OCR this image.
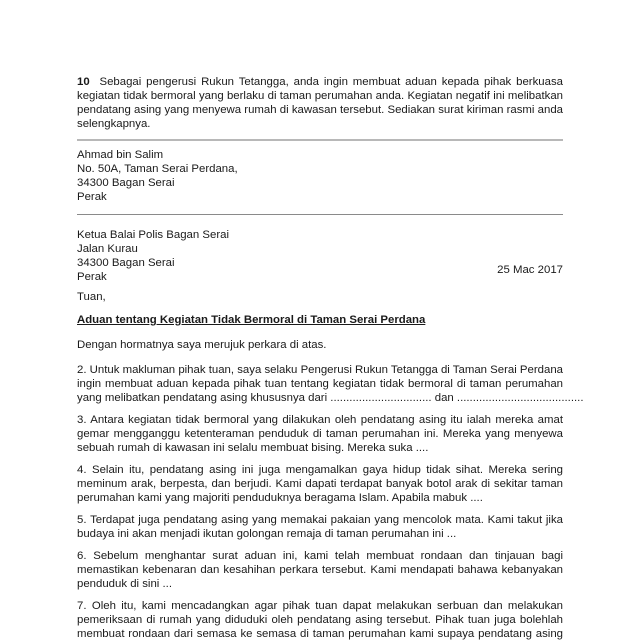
10 Sebagai pengerusi Rukun Tetangga, anda ingin membuat aduan kepada pihak berkuasa
kegiatan tidak bermoral yang berlaku di taman perumahan anda. Kegiatan negatif ini melibatkan
pendatang asing yang menyewa rumah di kawasan tersebut. Sediakan surat kiriman rasmi anda
selengkapnya.
Ahmad bin Salim
No. 50A, Taman Serai Perdana,
34300 Bagan Serai
Perak
Ketua Balai Polis Bagan Serai
Jalan Kurau
34300 Bagan Serai
Perak
25 Mac 2017
Tuan,
Aduan tentang Kegiatan Tidak Bermoral di Taman Serai Perdana
Dengan hormatnya saya merujuk perkara di atas.
2. Untuk makluman pihak tuan, saya selaku Pengerusi Rukun Tetangga di Taman Serai Perdana
ingin membuat aduan kepada pihak tuan tentang kegiatan tidak bermoral di taman perumahan
yang melibatkan pendatang asing khususnya dari ................................ dan ........................................
3. Antara kegiatan tidak bermoral yang dilakukan oleh pendatang asing itu ialah mereka amat
gemar mengganggu ketenteraman penduduk di taman perumahan ini. Mereka yang menyewa
sebuah rumah di kawasan ini selalu membuat bising. Mereka suka ....
4. Selain itu, pendatang asing ini juga mengamalkan gaya hidup tidak sihat. Mereka sering
meminum arak, berpesta, dan berjudi. Kami dapati terdapat banyak botol arak di sekitar taman
perumahan kami yang majoriti penduduknya beragama Islam. Apabila mabuk ....
5. Terdapat juga pendatang asing yang memakai pakaian yang mencolok mata. Kami takut jika
budaya ini akan menjadi ikutan golongan remaja di taman perumahan ini ...
6. Sebelum menghantar surat aduan ini, kami telah membuat rondaan dan tinjauan bagi
memastikan kebenaran dan kesahihan perkara tersebut. Kami mendapati bahawa kebanyakan
penduduk di sini ...
7. Oleh itu, kami mencadangkan agar pihak tuan dapat melakukan serbuan dan melakukan
pemeriksaan di rumah yang diduduki oleh pendatang asing tersebut. Pihak tuan juga bolehlah
membuat rondaan dari semasa ke semasa di taman perumahan kami supaya pendatang asing
